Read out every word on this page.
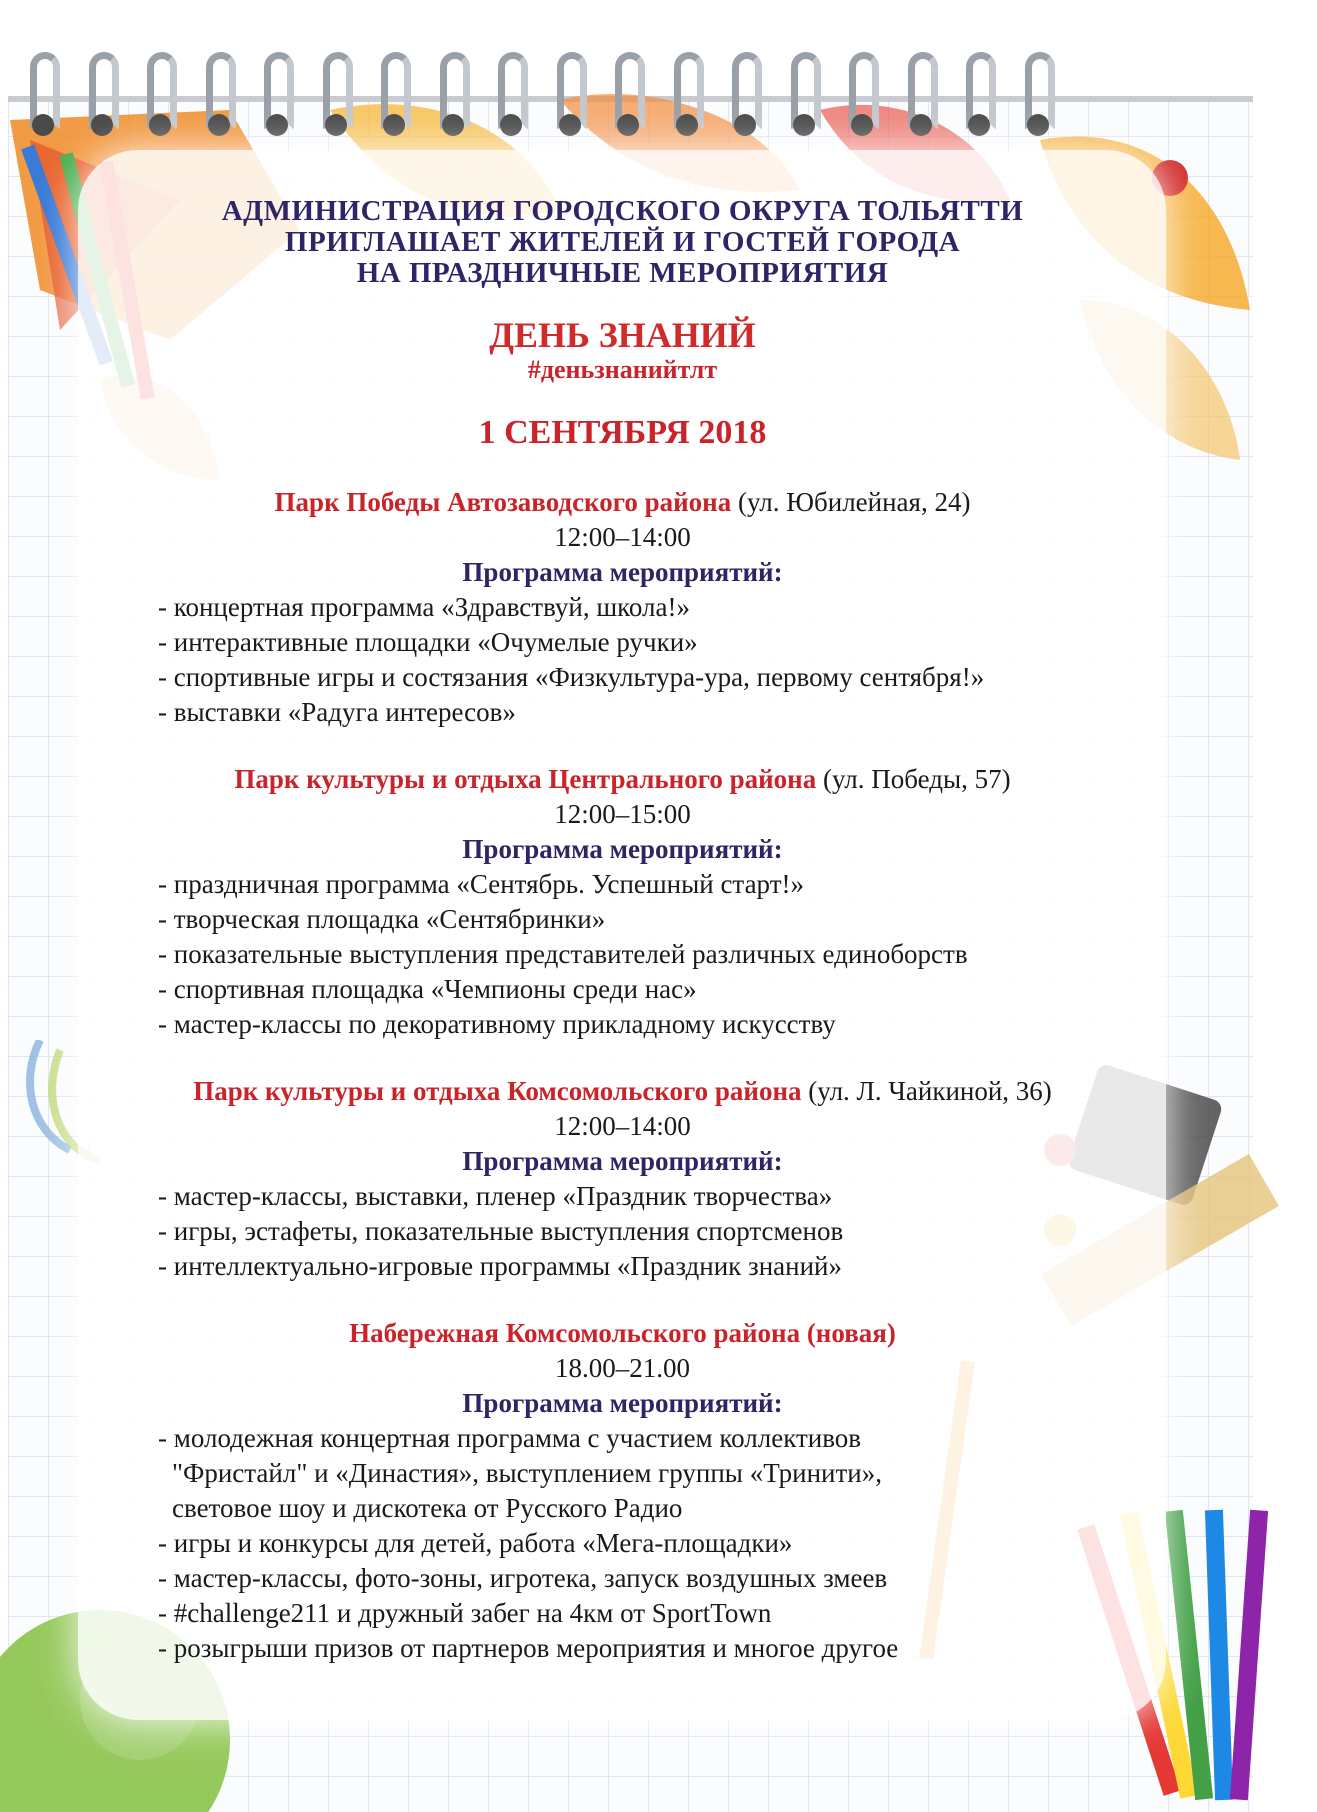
АДМИНИСТРАЦИЯ ГОРОДСКОГО ОКРУГА ТОЛЬЯТТИ
ПРИГЛАШАЕТ ЖИТЕЛЕЙ И ГОСТЕЙ ГОРОДА
НА ПРАЗДНИЧНЫЕ МЕРОПРИЯТИЯ
ДЕНЬ ЗНАНИЙ
#деньзнанийтлт
1 СЕНТЯБРЯ 2018
Парк Победы Автозаводского района (ул. Юбилейная, 24)
12:00–14:00
Программа мероприятий:
- концертная программа «Здравствуй, школа!»
- интерактивные площадки «Очумелые ручки»
- спортивные игры и состязания «Физкультура-ура, первому сентября!»
- выставки «Радуга интересов»
Парк культуры и отдыха Центрального района (ул. Победы, 57)
12:00–15:00
Программа мероприятий:
- праздничная программа «Сентябрь. Успешный старт!»
- творческая площадка «Сентябринки»
- показательные выступления представителей различных единоборств
- спортивная площадка «Чемпионы среди нас»
- мастер-классы по декоративному прикладному искусству
Парк культуры и отдыха Комсомольского района (ул. Л. Чайкиной, 36)
12:00–14:00
Программа мероприятий:
- мастер-классы, выставки, пленер «Праздник творчества»
- игры, эстафеты, показательные выступления спортсменов
- интеллектуально-игровые программы «Праздник знаний»
Набережная Комсомольского района (новая)
18.00–21.00
Программа мероприятий:
- молодежная концертная программа с участием коллективов
"Фристайл" и «Династия», выступлением группы «Тринити»,
световое шоу и дискотека от Русского Радио
- игры и конкурсы для детей, работа «Мега-площадки»
- мастер-классы, фото-зоны, игротека, запуск воздушных змеев
- #challenge211 и дружный забег на 4км от SportTown
- розыгрыши призов от партнеров мероприятия и многое другое
